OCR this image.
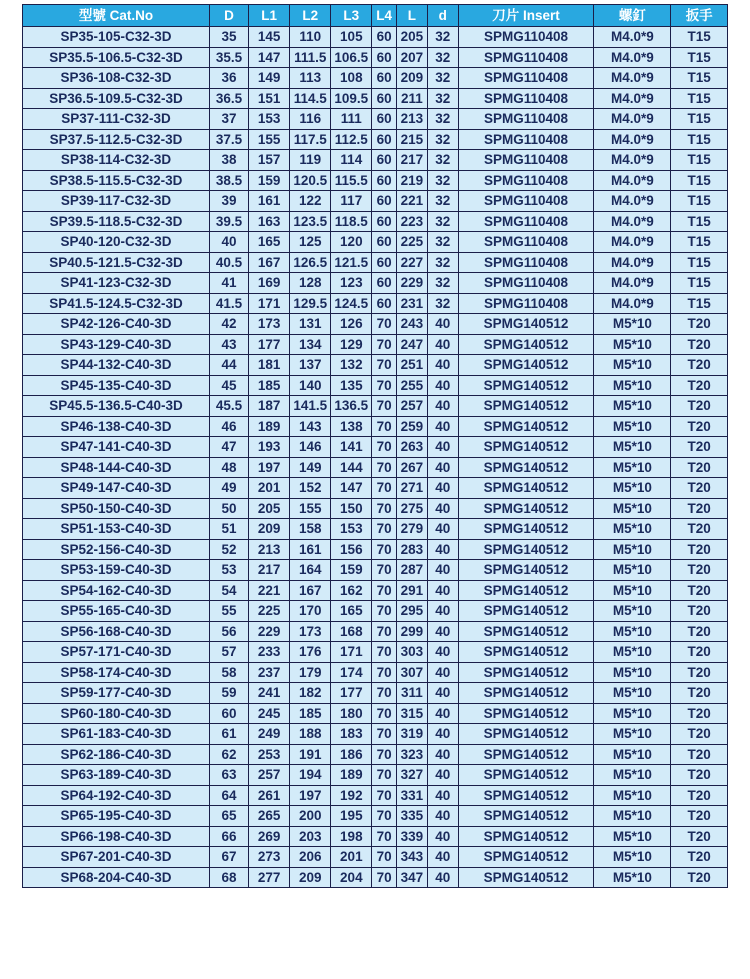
型號 Cat.No	D	L1	L2	L3	L4	L	d	刀片 Insert	螺釘	扳手
SP35-105-C32-3D	35	145	110	105	60	205	32	SPMG110408	M4.0*9	T15
SP35.5-106.5-C32-3D	35.5	147	111.5	106.5	60	207	32	SPMG110408	M4.0*9	T15
SP36-108-C32-3D	36	149	113	108	60	209	32	SPMG110408	M4.0*9	T15
SP36.5-109.5-C32-3D	36.5	151	114.5	109.5	60	211	32	SPMG110408	M4.0*9	T15
SP37-111-C32-3D	37	153	116	111	60	213	32	SPMG110408	M4.0*9	T15
SP37.5-112.5-C32-3D	37.5	155	117.5	112.5	60	215	32	SPMG110408	M4.0*9	T15
SP38-114-C32-3D	38	157	119	114	60	217	32	SPMG110408	M4.0*9	T15
SP38.5-115.5-C32-3D	38.5	159	120.5	115.5	60	219	32	SPMG110408	M4.0*9	T15
SP39-117-C32-3D	39	161	122	117	60	221	32	SPMG110408	M4.0*9	T15
SP39.5-118.5-C32-3D	39.5	163	123.5	118.5	60	223	32	SPMG110408	M4.0*9	T15
SP40-120-C32-3D	40	165	125	120	60	225	32	SPMG110408	M4.0*9	T15
SP40.5-121.5-C32-3D	40.5	167	126.5	121.5	60	227	32	SPMG110408	M4.0*9	T15
SP41-123-C32-3D	41	169	128	123	60	229	32	SPMG110408	M4.0*9	T15
SP41.5-124.5-C32-3D	41.5	171	129.5	124.5	60	231	32	SPMG110408	M4.0*9	T15
SP42-126-C40-3D	42	173	131	126	70	243	40	SPMG140512	M5*10	T20
SP43-129-C40-3D	43	177	134	129	70	247	40	SPMG140512	M5*10	T20
SP44-132-C40-3D	44	181	137	132	70	251	40	SPMG140512	M5*10	T20
SP45-135-C40-3D	45	185	140	135	70	255	40	SPMG140512	M5*10	T20
SP45.5-136.5-C40-3D	45.5	187	141.5	136.5	70	257	40	SPMG140512	M5*10	T20
SP46-138-C40-3D	46	189	143	138	70	259	40	SPMG140512	M5*10	T20
SP47-141-C40-3D	47	193	146	141	70	263	40	SPMG140512	M5*10	T20
SP48-144-C40-3D	48	197	149	144	70	267	40	SPMG140512	M5*10	T20
SP49-147-C40-3D	49	201	152	147	70	271	40	SPMG140512	M5*10	T20
SP50-150-C40-3D	50	205	155	150	70	275	40	SPMG140512	M5*10	T20
SP51-153-C40-3D	51	209	158	153	70	279	40	SPMG140512	M5*10	T20
SP52-156-C40-3D	52	213	161	156	70	283	40	SPMG140512	M5*10	T20
SP53-159-C40-3D	53	217	164	159	70	287	40	SPMG140512	M5*10	T20
SP54-162-C40-3D	54	221	167	162	70	291	40	SPMG140512	M5*10	T20
SP55-165-C40-3D	55	225	170	165	70	295	40	SPMG140512	M5*10	T20
SP56-168-C40-3D	56	229	173	168	70	299	40	SPMG140512	M5*10	T20
SP57-171-C40-3D	57	233	176	171	70	303	40	SPMG140512	M5*10	T20
SP58-174-C40-3D	58	237	179	174	70	307	40	SPMG140512	M5*10	T20
SP59-177-C40-3D	59	241	182	177	70	311	40	SPMG140512	M5*10	T20
SP60-180-C40-3D	60	245	185	180	70	315	40	SPMG140512	M5*10	T20
SP61-183-C40-3D	61	249	188	183	70	319	40	SPMG140512	M5*10	T20
SP62-186-C40-3D	62	253	191	186	70	323	40	SPMG140512	M5*10	T20
SP63-189-C40-3D	63	257	194	189	70	327	40	SPMG140512	M5*10	T20
SP64-192-C40-3D	64	261	197	192	70	331	40	SPMG140512	M5*10	T20
SP65-195-C40-3D	65	265	200	195	70	335	40	SPMG140512	M5*10	T20
SP66-198-C40-3D	66	269	203	198	70	339	40	SPMG140512	M5*10	T20
SP67-201-C40-3D	67	273	206	201	70	343	40	SPMG140512	M5*10	T20
SP68-204-C40-3D	68	277	209	204	70	347	40	SPMG140512	M5*10	T20
